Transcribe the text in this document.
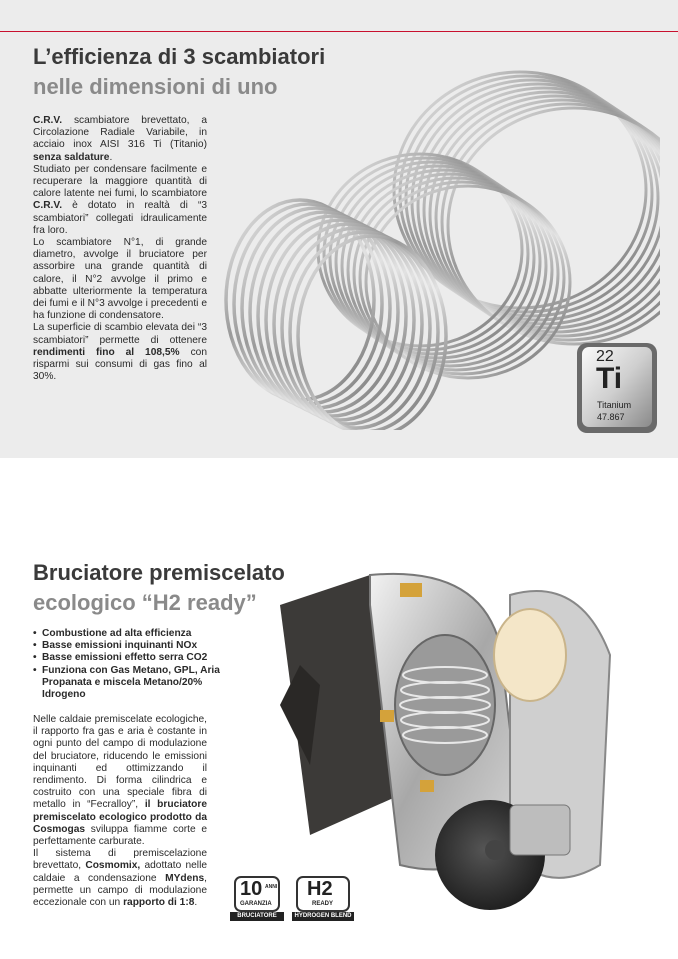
L’efficienza di 3 scambiatori
nelle dimensioni di uno
C.R.V. scambiatore brevettato, a Circolazione Radiale Variabile, in acciaio inox AISI 316 Ti (Titanio) senza saldature.
Studiato per condensare facilmente e recuperare la maggiore quantità di calore latente nei fumi, lo scambiatore C.R.V. è dotato in realtà di “3 scambiatori” collegati idraulicamente fra loro.
Lo scambiatore N°1, di grande diametro, avvolge il bruciatore per assorbire una grande quantità di calore, il N°2 avvolge il primo e abbatte ulteriormente la temperatura dei fumi e il N°3 avvolge i precedenti e ha funzione di condensatore.
La superficie di scambio elevata dei “3 scambiatori” permette di ottenere rendimenti fino al 108,5% con risparmi sui consumi di gas fino al 30%.
22
Ti
Titanium
47.867
Bruciatore premiscelato
ecologico “H2 ready”
• Combustione ad alta efficienza
• Basse emissioni inquinanti NOx
• Basse emissioni effetto serra CO2
• Funziona con Gas Metano, GPL, Aria Propanata e miscela Metano/20% Idrogeno
Nelle caldaie premiscelate ecologiche, il rapporto fra gas e aria è costante in ogni punto del campo di modulazione del bruciatore, riducendo le emissioni inquinanti ed ottimizzando il rendimento. Di forma cilindrica e costruito con una speciale fibra di metallo in “Fecralloy”, il bruciatore premiscelato ecologico prodotto da Cosmogas sviluppa fiamme corte e perfettamente carburate.
Il sistema di premiscelazione brevettato, Cosmomix, adottato nelle caldaie a condensazione MYdens, permette un campo di modulazione eccezionale con un rapporto di 1:8.
10 ANNI
GARANZIA
BRUCIATORE
H2
READY
HYDROGEN BLEND
